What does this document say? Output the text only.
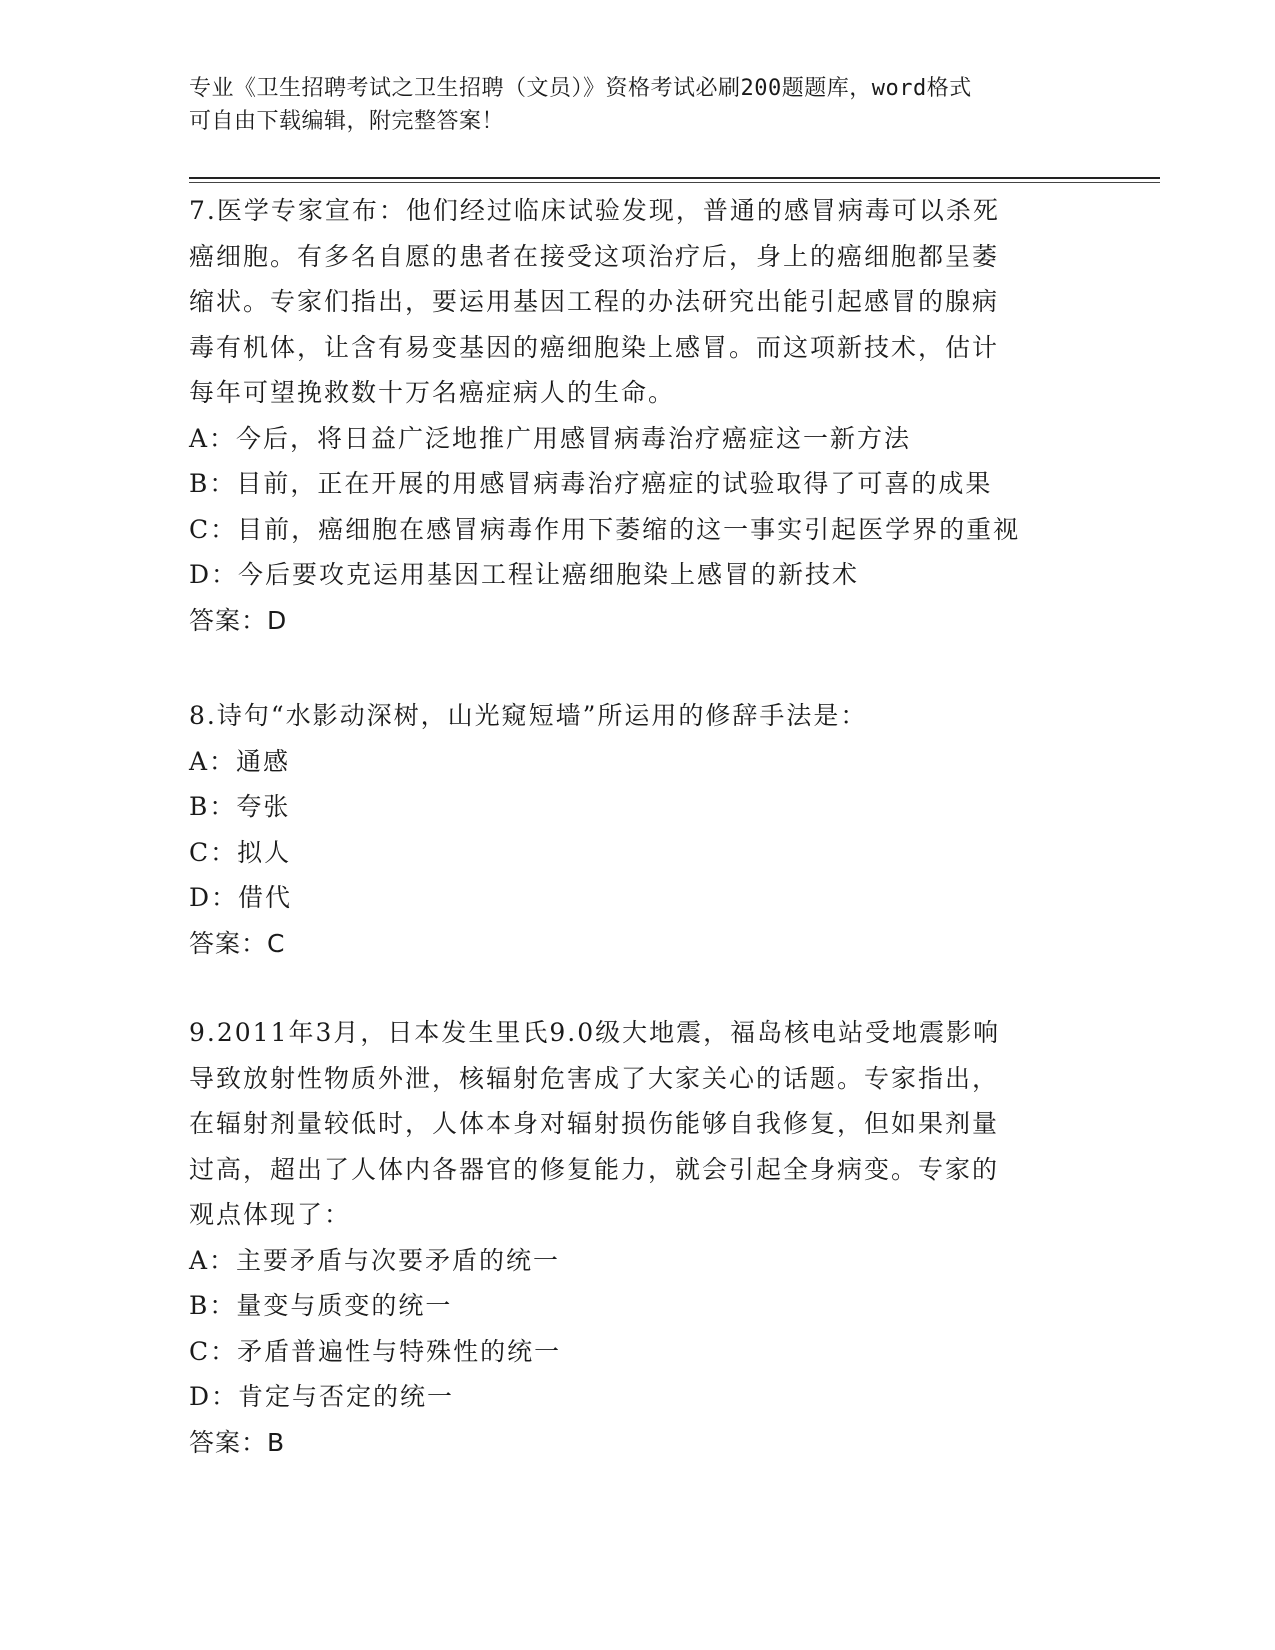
专业《卫生招聘考试之卫生招聘（文员）》资格考试必刷200题题库，word格式
可自由下载编辑，附完整答案！
7.医学专家宣布：他们经过临床试验发现，普通的感冒病毒可以杀死
癌细胞。有多名自愿的患者在接受这项治疗后，身上的癌细胞都呈萎
缩状。专家们指出，要运用基因工程的办法研究出能引起感冒的腺病
毒有机体，让含有易变基因的癌细胞染上感冒。而这项新技术，估计
每年可望挽救数十万名癌症病人的生命。
A：今后，将日益广泛地推广用感冒病毒治疗癌症这一新方法
B：目前，正在开展的用感冒病毒治疗癌症的试验取得了可喜的成果
C：目前，癌细胞在感冒病毒作用下萎缩的这一事实引起医学界的重视
D：今后要攻克运用基因工程让癌细胞染上感冒的新技术
答案：D
8.诗句“水影动深树，山光窥短墙”所运用的修辞手法是：
A：通感
B：夸张
C：拟人
D：借代
答案：C
9.2011年3月，日本发生里氏9.0级大地震，福岛核电站受地震影响
导致放射性物质外泄，核辐射危害成了大家关心的话题。专家指出，
在辐射剂量较低时，人体本身对辐射损伤能够自我修复，但如果剂量
过高，超出了人体内各器官的修复能力，就会引起全身病变。专家的
观点体现了：
A：主要矛盾与次要矛盾的统一
B：量变与质变的统一
C：矛盾普遍性与特殊性的统一
D：肯定与否定的统一
答案：B
